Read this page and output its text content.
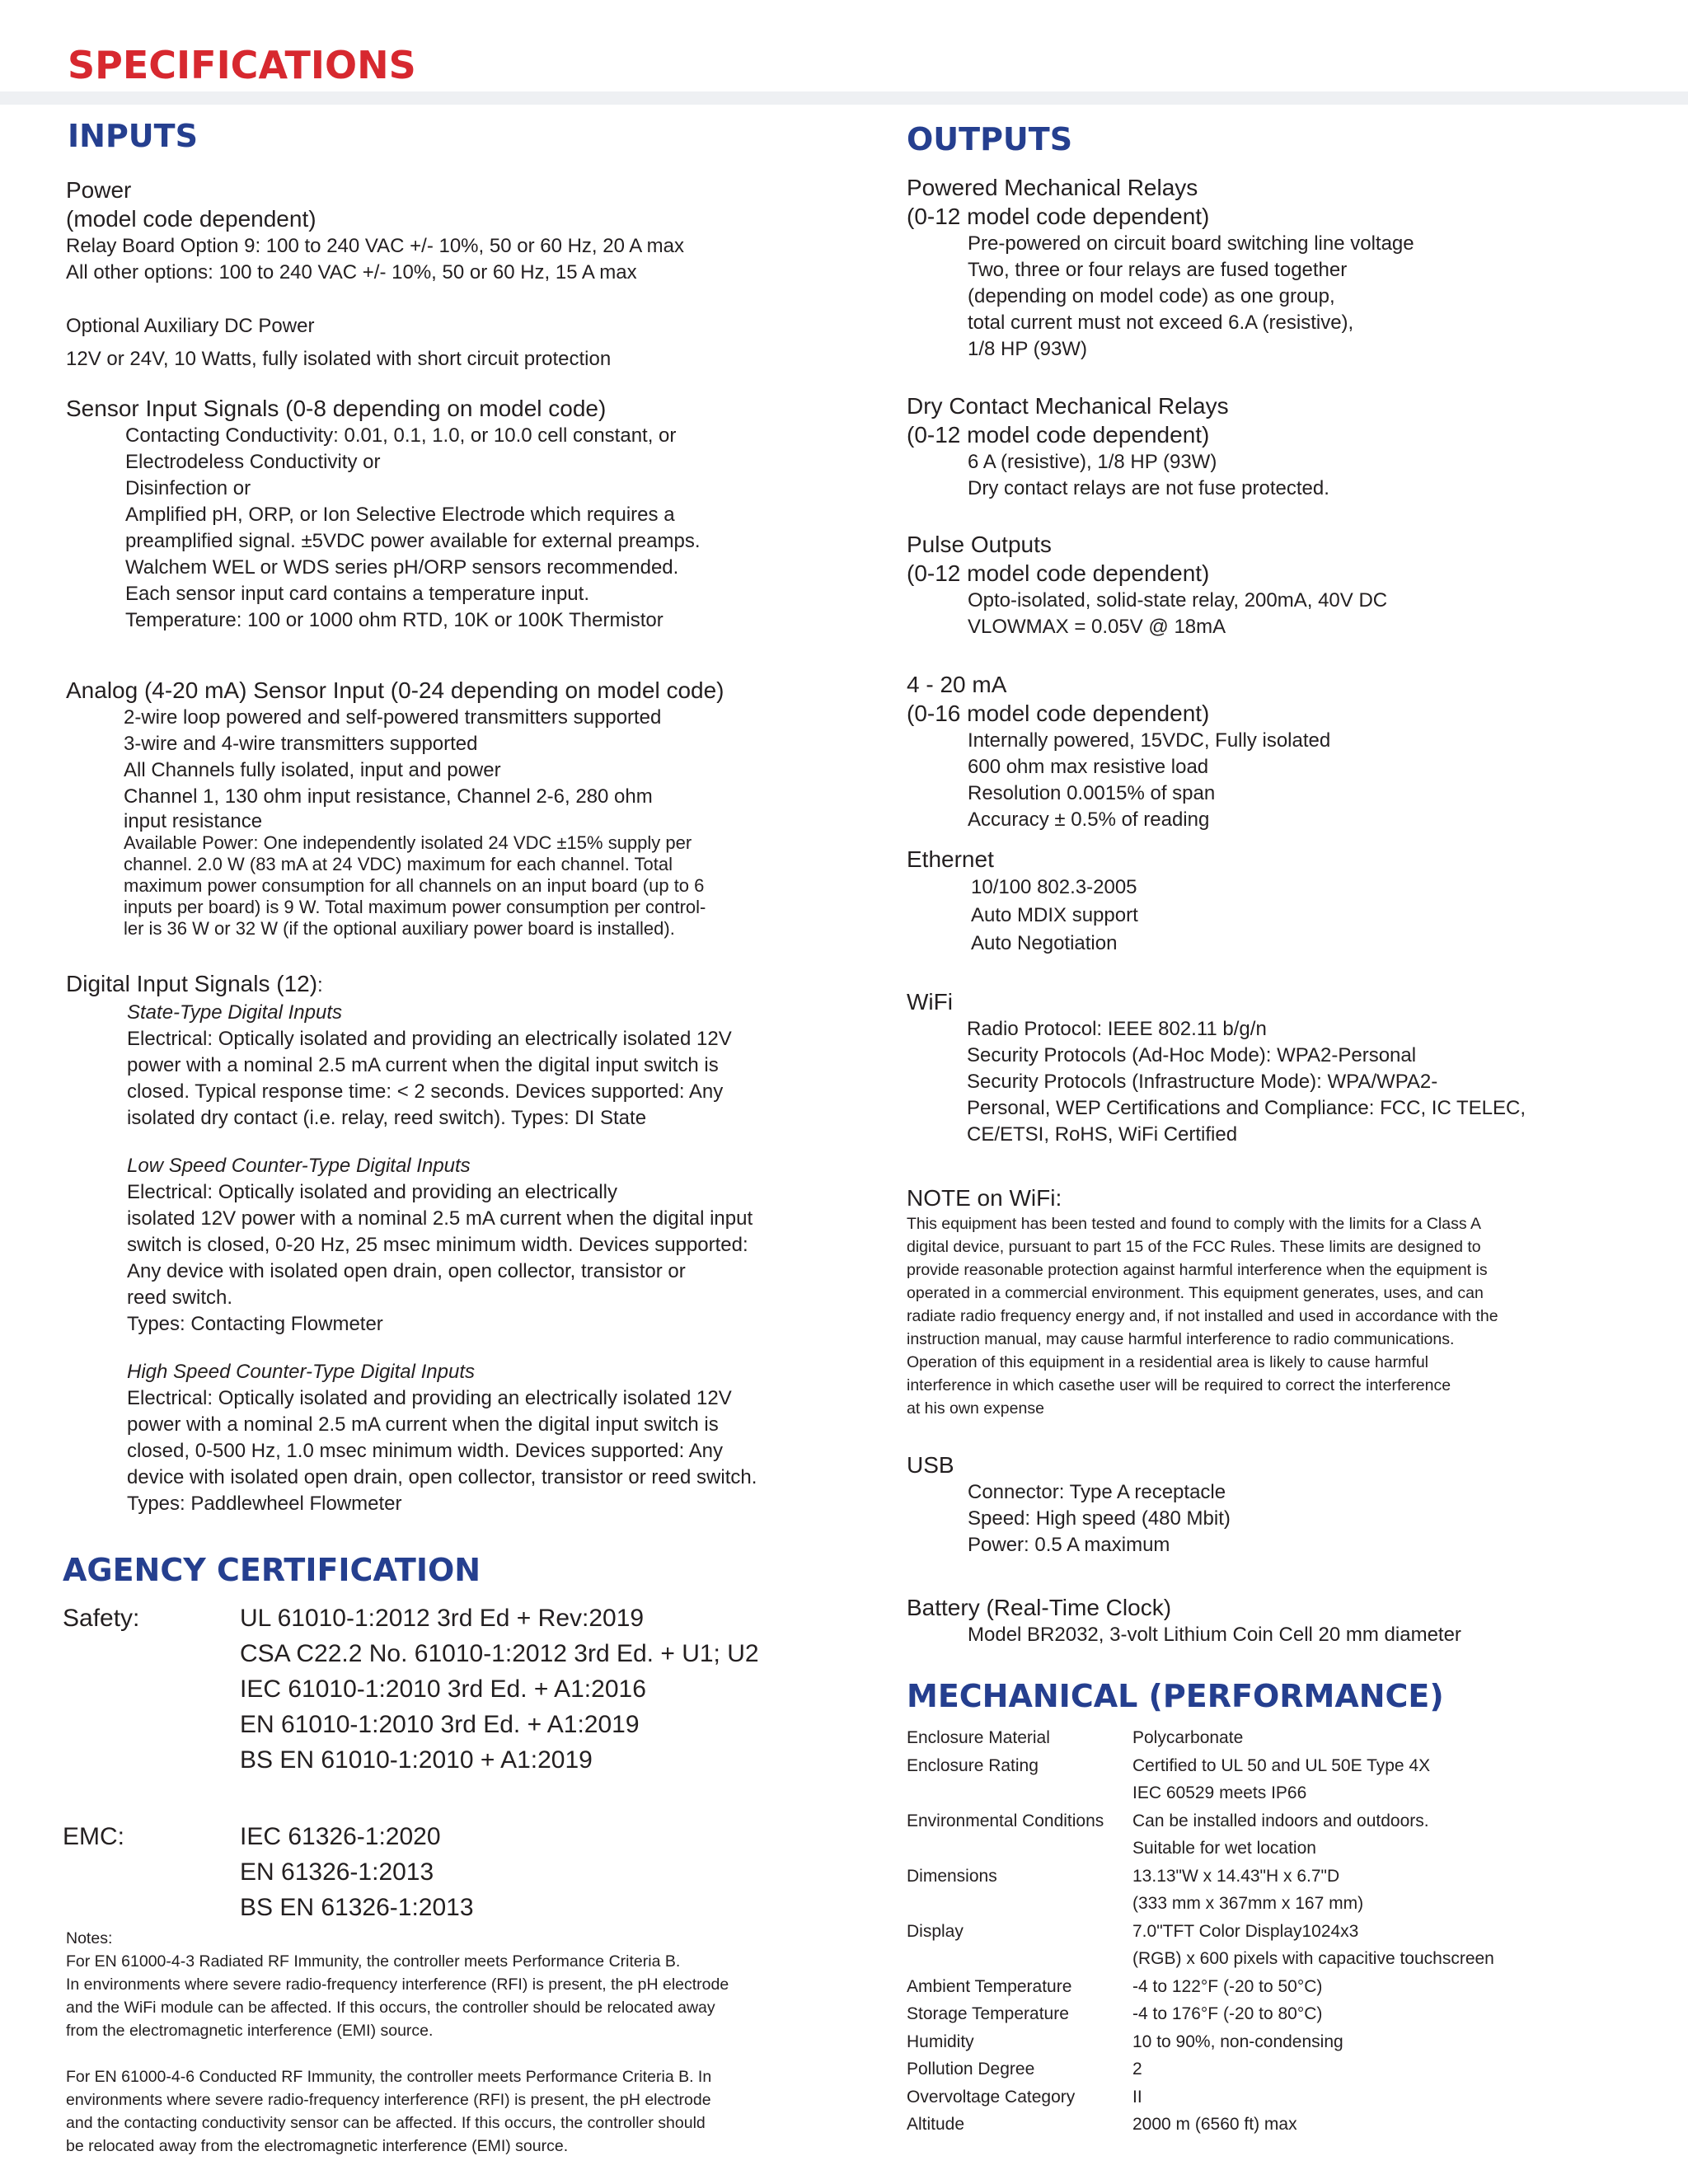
SPECIFICATIONS
INPUTS
Power
(model code dependent)
Relay Board Option 9: 100 to 240 VAC +/- 10%, 50 or 60 Hz, 20 A max
All other options: 100 to 240 VAC +/- 10%, 50 or 60 Hz, 15 A max
Optional Auxiliary DC Power
12V or 24V, 10 Watts, fully isolated with short circuit protection
Sensor Input Signals (0-8 depending on model code)
Contacting Conductivity: 0.01, 0.1, 1.0, or 10.0 cell constant, or
Electrodeless Conductivity or
Disinfection or
Amplified pH, ORP, or Ion Selective Electrode which requires a
preamplified signal. ±5VDC power available for external preamps.
Walchem WEL or WDS series pH/ORP sensors recommended.
Each sensor input card contains a temperature input.
Temperature: 100 or 1000 ohm RTD, 10K or 100K Thermistor
Analog (4-20 mA) Sensor Input (0-24 depending on model code)
2-wire loop powered and self-powered transmitters supported
3-wire and 4-wire transmitters supported
All Channels fully isolated, input and power
Channel 1, 130 ohm input resistance, Channel 2-6, 280 ohm
input resistance
Available Power: One independently isolated 24 VDC ±15% supply per
channel. 2.0 W (83 mA at 24 VDC) maximum for each channel. Total
maximum power consumption for all channels on an input board (up to 6
inputs per board) is 9 W. Total maximum power consumption per control-
ler is 36 W or 32 W (if the optional auxiliary power board is installed).
Digital Input Signals (12):
State-Type Digital Inputs
Electrical: Optically isolated and providing an electrically isolated 12V
power with a nominal 2.5 mA current when the digital input switch is
closed. Typical response time: < 2 seconds. Devices supported: Any
isolated dry contact (i.e. relay, reed switch). Types: DI State
Low Speed Counter-Type Digital Inputs
Electrical: Optically isolated and providing an electrically
isolated 12V power with a nominal 2.5 mA current when the digital input
switch is closed, 0-20 Hz, 25 msec minimum width. Devices supported:
Any device with isolated open drain, open collector, transistor or
reed switch.
Types: Contacting Flowmeter
High Speed Counter-Type Digital Inputs
Electrical: Optically isolated and providing an electrically isolated 12V
power with a nominal 2.5 mA current when the digital input switch is
closed, 0-500 Hz, 1.0 msec minimum width. Devices supported: Any
device with isolated open drain, open collector, transistor or reed switch.
Types: Paddlewheel Flowmeter
AGENCY CERTIFICATION
Safety:	UL 61010-1:2012 3rd Ed + Rev:2019
CSA C22.2 No. 61010-1:2012 3rd Ed. + U1; U2
IEC 61010-1:2010 3rd Ed. + A1:2016
EN 61010-1:2010 3rd Ed. + A1:2019
BS EN 61010-1:2010 + A1:2019
EMC:	IEC 61326-1:2020
EN 61326-1:2013
BS EN 61326-1:2013
Notes:
For EN 61000-4-3 Radiated RF Immunity, the controller meets Performance Criteria B.
In environments where severe radio-frequency interference (RFI) is present, the pH electrode
and the WiFi module can be affected. If this occurs, the controller should be relocated away
from the electromagnetic interference (EMI) source.
For EN 61000-4-6 Conducted RF Immunity, the controller meets Performance Criteria B. In
environments where severe radio-frequency interference (RFI) is present, the pH electrode
and the contacting conductivity sensor can be affected. If this occurs, the controller should
be relocated away from the electromagnetic interference (EMI) source.
OUTPUTS
Powered Mechanical Relays
(0-12 model code dependent)
Pre-powered on circuit board switching line voltage
Two, three or four relays are fused together
(depending on model code) as one group,
total current must not exceed 6.A (resistive),
1/8 HP (93W)
Dry Contact Mechanical Relays
(0-12 model code dependent)
6 A (resistive), 1/8 HP (93W)
Dry contact relays are not fuse protected.
Pulse Outputs
(0-12 model code dependent)
Opto-isolated, solid-state relay, 200mA, 40V DC
VLOWMAX = 0.05V @ 18mA
4 - 20 mA
(0-16 model code dependent)
Internally powered, 15VDC, Fully isolated
600 ohm max resistive load
Resolution 0.0015% of span
Accuracy ± 0.5% of reading
Ethernet
10/100 802.3-2005
Auto MDIX support
Auto Negotiation
WiFi
Radio Protocol: IEEE 802.11 b/g/n
Security Protocols (Ad-Hoc Mode): WPA2-Personal
Security Protocols (Infrastructure Mode): WPA/WPA2-
Personal, WEP Certifications and Compliance: FCC, IC TELEC,
CE/ETSI, RoHS, WiFi Certified
NOTE on WiFi:
This equipment has been tested and found to comply with the limits for a Class A
digital device, pursuant to part 15 of the FCC Rules. These limits are designed to
provide reasonable protection against harmful interference when the equipment is
operated in a commercial environment. This equipment generates, uses, and can
radiate radio frequency energy and, if not installed and used in accordance with the
instruction manual, may cause harmful interference to radio communications.
Operation of this equipment in a residential area is likely to cause harmful
interference in which casethe user will be required to correct the interference
at his own expense
USB
Connector: Type A receptacle
Speed: High speed (480 Mbit)
Power: 0.5 A maximum
Battery (Real-Time Clock)
Model BR2032, 3-volt Lithium Coin Cell 20 mm diameter
MECHANICAL (PERFORMANCE)
Enclosure Material	Polycarbonate
Enclosure Rating	Certified to UL 50 and UL 50E Type 4X
IEC 60529 meets IP66
Environmental Conditions	Can be installed indoors and outdoors.
Suitable for wet location
Dimensions	13.13"W x 14.43"H x 6.7"D
(333 mm x 367mm x 167 mm)
Display	7.0"TFT Color Display1024x3
(RGB) x 600 pixels with capacitive touchscreen
Ambient Temperature	-4 to 122°F (-20 to 50°C)
Storage Temperature	-4 to 176°F (-20 to 80°C)
Humidity	10 to 90%, non-condensing
Pollution Degree	2
Overvoltage Category	II
Altitude	2000 m (6560 ft) max
